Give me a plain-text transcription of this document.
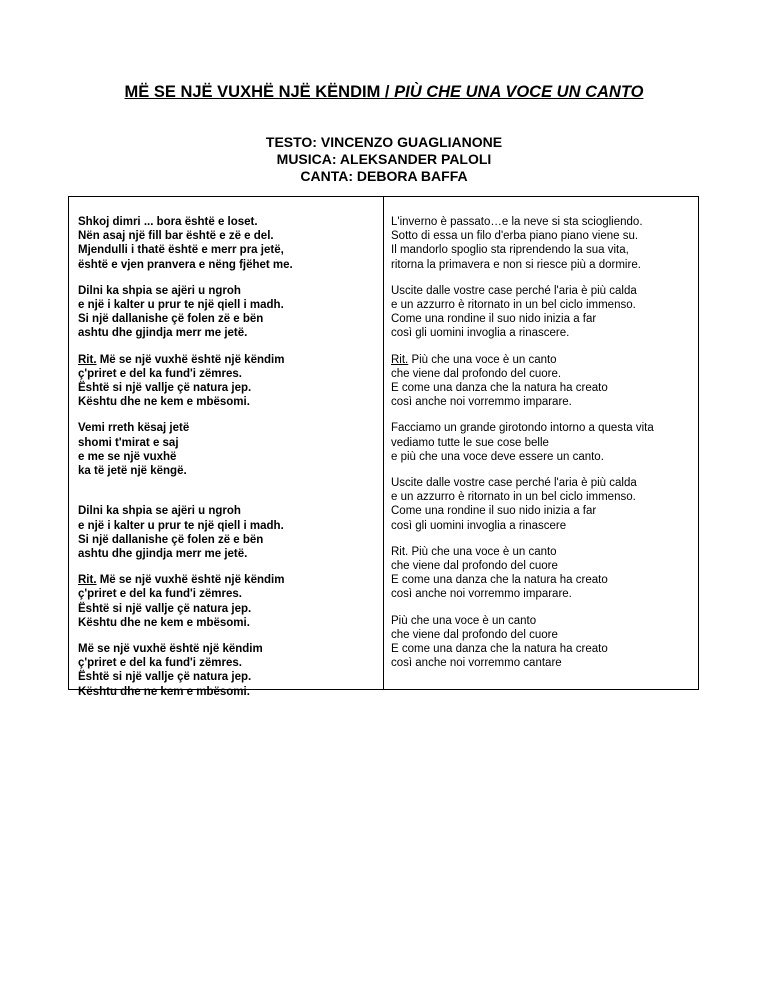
MË SE NJË VUXHË NJË KËNDIM / PIÙ CHE UNA VOCE UN CANTO
TESTO: VINCENZO GUAGLIANONE
MUSICA: ALEKSANDER PALOLI
CANTA: DEBORA BAFFA
Shkoj dimri ... bora është e loset.
Nën asaj një fill bar është e zë e del.
Mjendulli i thatë është e merr pra jetë,
është e vjen pranvera e nëng fjëhet me.
Dilni ka shpia se ajëri u ngroh
e një i kalter u prur te një qiell i madh.
Si një dallanishe çë folen zë e bën
ashtu dhe gjindja merr me jetë.
Rit. Më se një vuxhë është një këndim
ç'priret e del ka fund'i zëmres.
Është si një vallje çë natura jep.
Kështu dhe ne kem e mbësomi.
Vemi rreth kësaj jetë
shomi t'mirat e saj
e me se një vuxhë
ka të jetë një këngë.

Dilni ka shpia se ajëri u ngroh
e një i kalter u prur te një qiell i madh.
Si një dallanishe çë folen zë e bën
ashtu dhe gjindja merr me jetë.
Rit. Më se një vuxhë është një këndim
ç'priret e del ka fund'i zëmres.
Është si një vallje çë natura jep.
Kështu dhe ne kem e mbësomi.
Më se një vuxhë është një këndim
ç'priret e del ka fund'i zëmres.
Është si një vallje çë natura jep.
Kështu dhe ne kem e mbësomi.
L'inverno è passato…e la neve si sta sciogliendo.
Sotto di essa un filo d'erba piano piano viene su.
Il mandorlo spoglio sta riprendendo la sua vita,
ritorna la primavera e non si riesce più a dormire.
Uscite dalle vostre case perché l'aria è più calda
e un azzurro è ritornato in un bel ciclo immenso.
Come una rondine il suo nido inizia a far
così gli uomini invoglia a rinascere.
Rit. Più che una voce è un canto
che viene dal profondo del cuore.
E come una danza che la natura ha creato
così anche noi vorremmo imparare.
Facciamo un grande girotondo intorno a questa vita
vediamo tutte le sue cose belle
e più che una voce deve essere un canto.
Uscite dalle vostre case perché l'aria è più calda
e un azzurro è ritornato in un bel ciclo immenso.
Come una rondine il suo nido inizia a far
così gli uomini invoglia a rinascere
Rit. Più che una voce è un canto
che viene dal profondo del cuore
E come una danza che la natura ha creato
così anche noi vorremmo imparare.
Più che una voce è un canto
che viene dal profondo del cuore
E come una danza che la natura ha creato
così anche noi vorremmo cantare
